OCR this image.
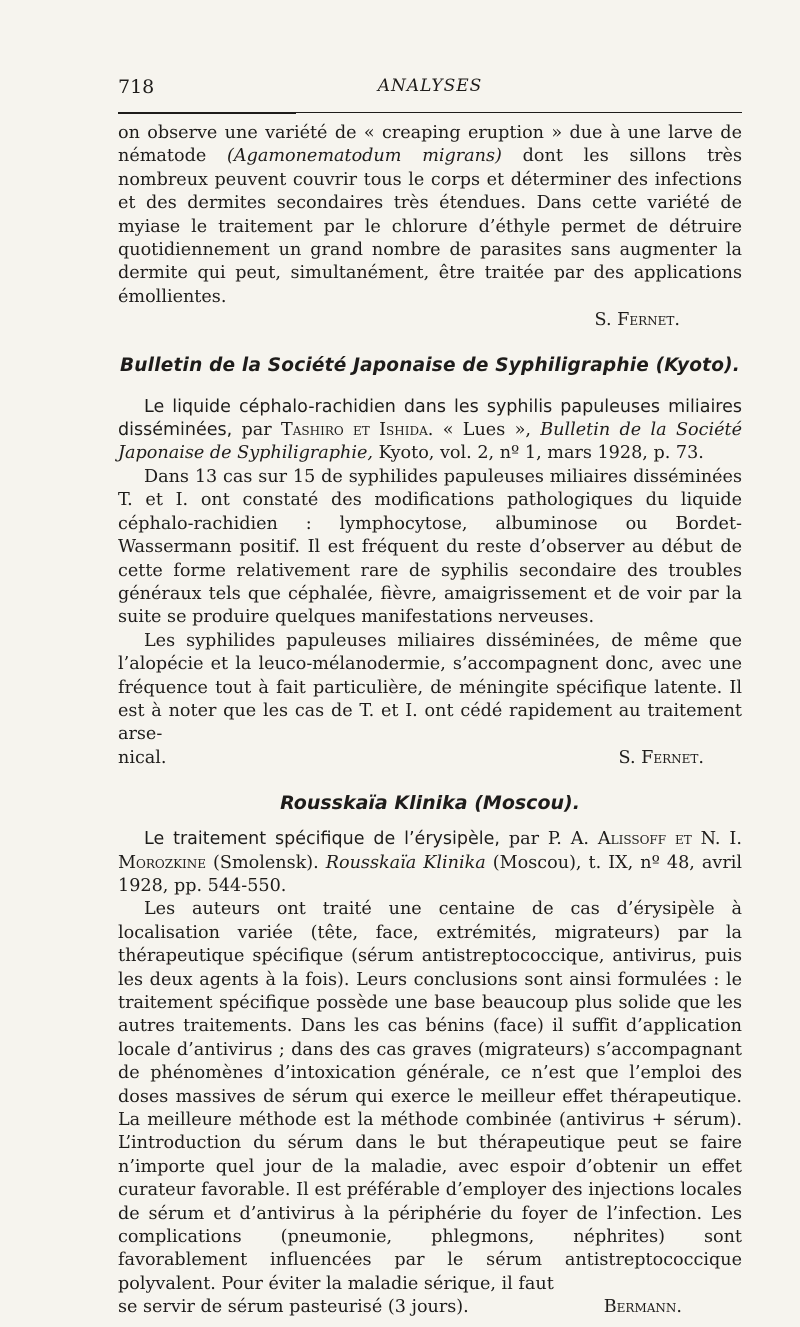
718	ANALYSES

on observe une variété de « creaping eruption » due à une larve de nématode (Agamonematodum migrans) dont les sillons très nombreux peuvent couvrir tous le corps et déterminer des infections et des dermites secondaires très étendues. Dans cette variété de myiase le traitement par le chlorure d’éthyle permet de détruire quotidiennement un grand nombre de parasites sans augmenter la dermite qui peut, simultanément, être traitée par des applications émollientes.

S. Fernet.
Bulletin de la Société Japonaise de Syphiligraphie (Kyoto).

Le liquide céphalo-rachidien dans les syphilis papuleuses miliaires disséminées, par Tashiro et Ishida. « Lues », Bulletin de la Société Japonaise de Syphiligraphie, Kyoto, vol. 2, nº 1, mars 1928, p. 73.

Dans 13 cas sur 15 de syphilides papuleuses miliaires disséminées T. et I. ont constaté des modifications pathologiques du liquide céphalo-rachidien : lymphocytose, albuminose ou Bordet-Wassermann positif. Il est fréquent du reste d’observer au début de cette forme relativement rare de syphilis secondaire des troubles généraux tels que céphalée, fièvre, amaigrissement et de voir par la suite se produire quelques manifestations nerveuses.

Les syphilides papuleuses miliaires disséminées, de même que l’alopécie et la leuco-mélanodermie, s’accompagnent donc, avec une fréquence tout à fait particulière, de méningite spécifique latente. Il est à noter que les cas de T. et I. ont cédé rapidement au traitement arse-

nical.	S. Fernet.
Rousskaïa Klinika (Moscou).

Le traitement spécifique de l’érysipèle, par P. A. Alissoff et N. I. Morozkine (Smolensk). Rousskaïa Klinika (Moscou), t. IX, nº 48, avril 1928, pp. 544-550.

Les auteurs ont traité une centaine de cas d’érysipèle à localisation variée (tête, face, extrémités, migrateurs) par la thérapeutique spécifique (sérum antistreptococcique, antivirus, puis les deux agents à la fois). Leurs conclusions sont ainsi formulées : le traitement spécifique possède une base beaucoup plus solide que les autres traitements. Dans les cas bénins (face) il suffit d’application locale d’antivirus ; dans des cas graves (migrateurs) s’accompagnant de phénomènes d’intoxication générale, ce n’est que l’emploi des doses massives de sérum qui exerce le meilleur effet thérapeutique. La meilleure méthode est la méthode combinée (antivirus + sérum). L’introduction du sérum dans le but thérapeutique peut se faire n’importe quel jour de la maladie, avec espoir d’obtenir un effet curateur favorable. Il est préférable d’employer des injections locales de sérum et d’antivirus à la périphérie du foyer de l’infection. Les complications (pneumonie, phlegmons, néphrites) sont favorablement influencées par le sérum antistreptococcique polyvalent. Pour éviter la maladie sérique, il faut

se servir de sérum pasteurisé (3 jours).	Bermann.
